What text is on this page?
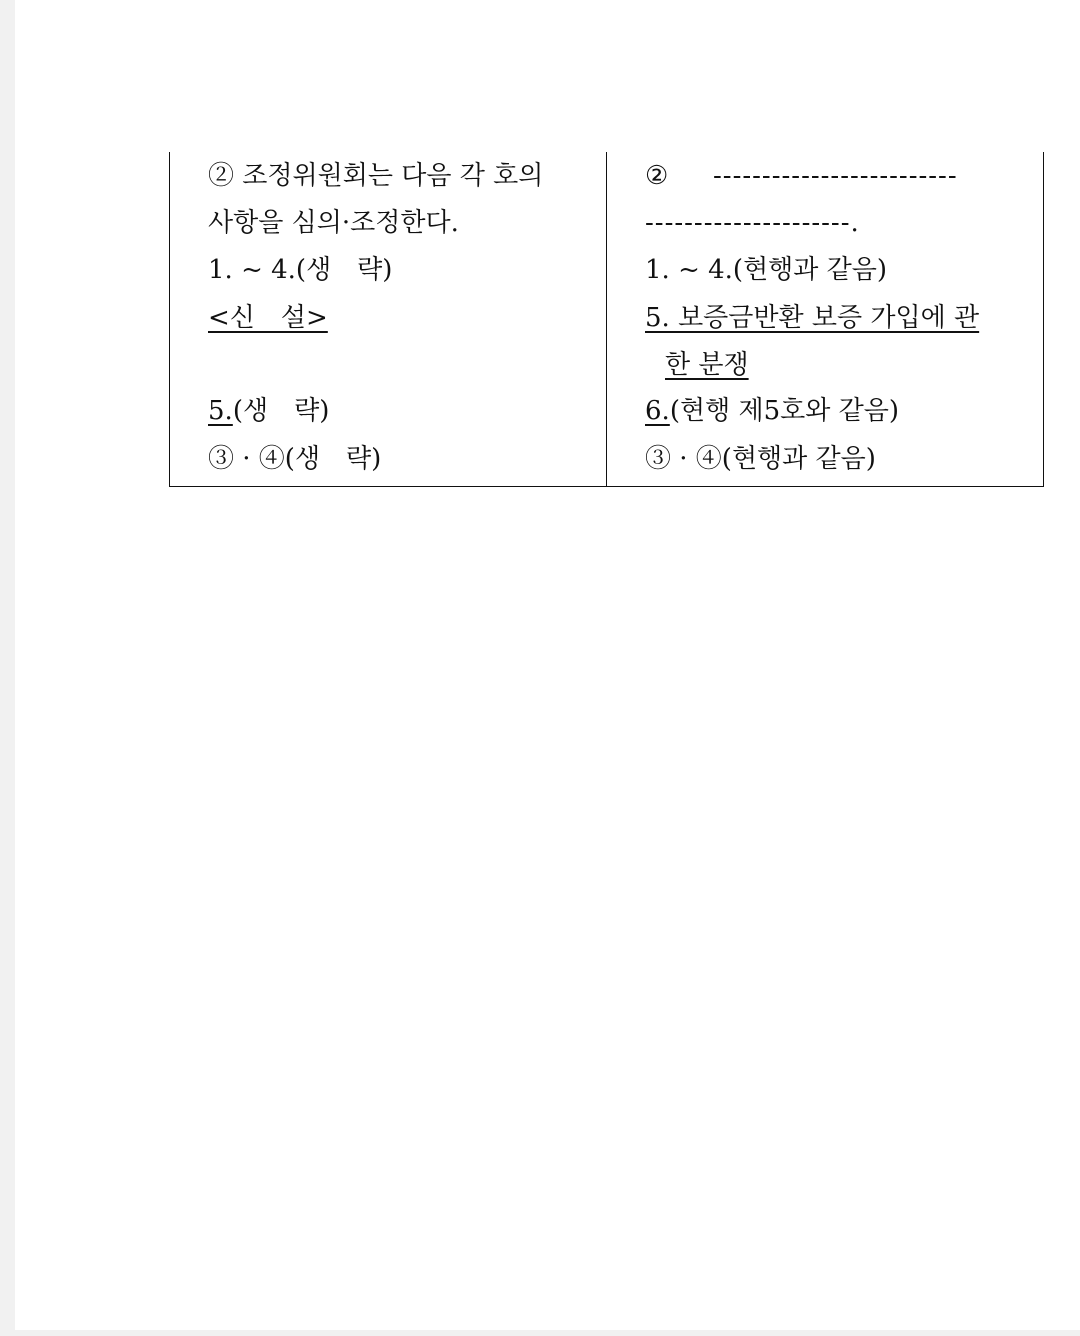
② 조정위원회는 다음 각 호의
사항을 심의·조정한다.
1. ~ 4.(생　략)
<신　설>
5.(생　략)
③ · ④(생　략)
② -------------------------
---------------------.
1. ~ 4.(현행과 같음)
5. 보증금반환 보증 가입에 관
한 분쟁
6.(현행 제5호와 같음)
③ · ④(현행과 같음)
